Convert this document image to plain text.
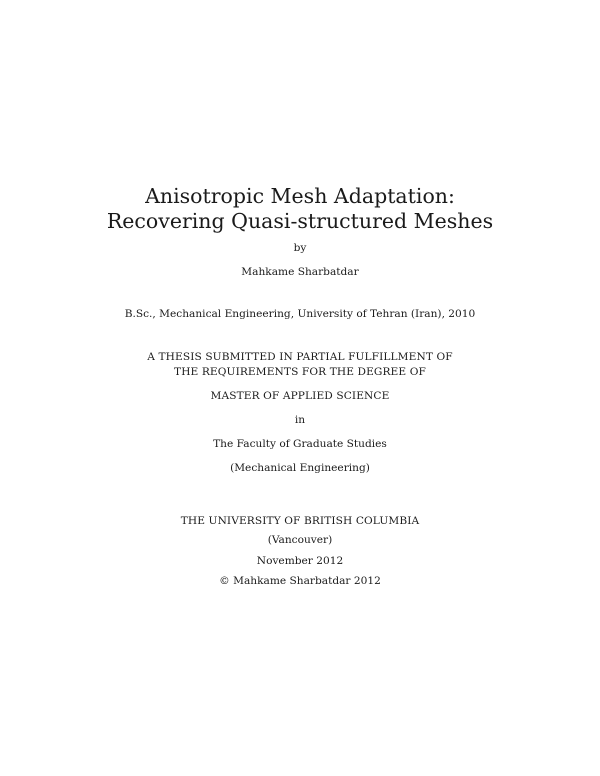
Anisotropic Mesh Adaptation:
Recovering Quasi-structured Meshes
by
Mahkame Sharbatdar
B.Sc., Mechanical Engineering, University of Tehran (Iran), 2010
A THESIS SUBMITTED IN PARTIAL FULFILLMENT OF
THE REQUIREMENTS FOR THE DEGREE OF
MASTER OF APPLIED SCIENCE
in
The Faculty of Graduate Studies
(Mechanical Engineering)
THE UNIVERSITY OF BRITISH COLUMBIA
(Vancouver)
November 2012
© Mahkame Sharbatdar 2012
